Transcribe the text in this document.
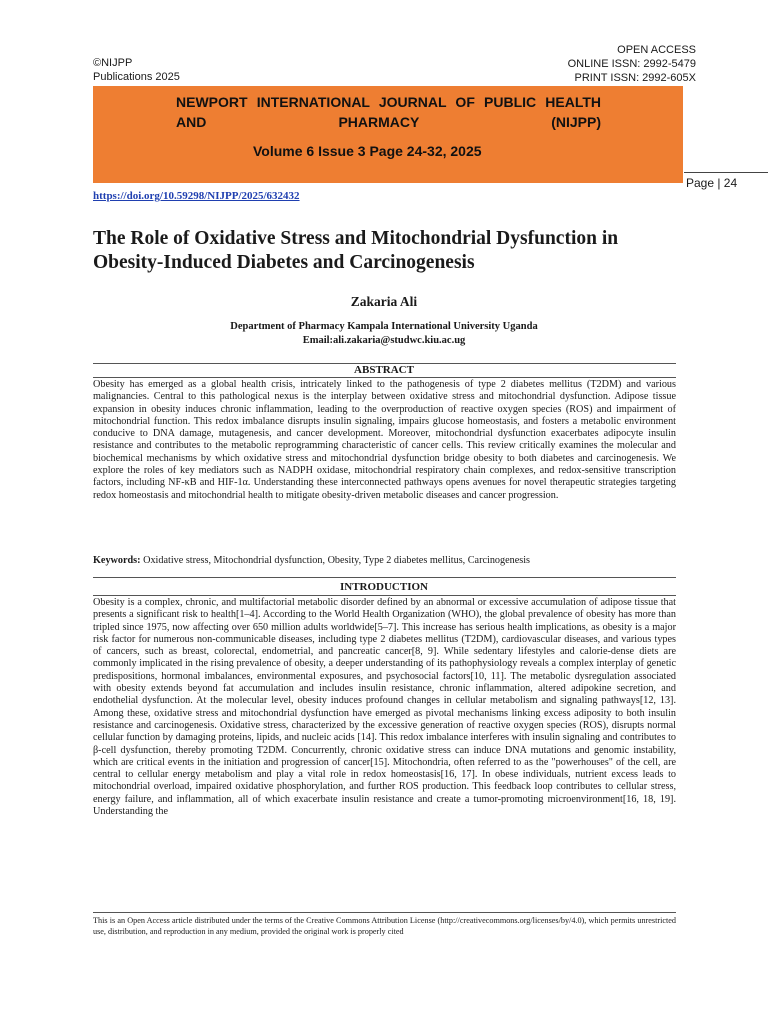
©NIJPP
Publications 2025
OPEN ACCESS
ONLINE ISSN: 2992-5479
PRINT ISSN: 2992-605X
NEWPORT INTERNATIONAL JOURNAL OF PUBLIC HEALTH AND PHARMACY (NIJPP)
Volume 6 Issue 3 Page 24-32, 2025
Page | 24
https://doi.org/10.59298/NIJPP/2025/632432
The Role of Oxidative Stress and Mitochondrial Dysfunction in Obesity-Induced Diabetes and Carcinogenesis
Zakaria Ali
Department of Pharmacy Kampala International University Uganda
Email:ali.zakaria@studwc.kiu.ac.ug
ABSTRACT
Obesity has emerged as a global health crisis, intricately linked to the pathogenesis of type 2 diabetes mellitus (T2DM) and various malignancies. Central to this pathological nexus is the interplay between oxidative stress and mitochondrial dysfunction. Adipose tissue expansion in obesity induces chronic inflammation, leading to the overproduction of reactive oxygen species (ROS) and impairment of mitochondrial function. This redox imbalance disrupts insulin signaling, impairs glucose homeostasis, and fosters a metabolic environment conducive to DNA damage, mutagenesis, and cancer development. Moreover, mitochondrial dysfunction exacerbates adipocyte insulin resistance and contributes to the metabolic reprogramming characteristic of cancer cells. This review critically examines the molecular and biochemical mechanisms by which oxidative stress and mitochondrial dysfunction bridge obesity to both diabetes and carcinogenesis. We explore the roles of key mediators such as NADPH oxidase, mitochondrial respiratory chain complexes, and redox-sensitive transcription factors, including NF-κB and HIF-1α. Understanding these interconnected pathways opens avenues for novel therapeutic strategies targeting redox homeostasis and mitochondrial health to mitigate obesity-driven metabolic diseases and cancer progression.
Keywords: Oxidative stress, Mitochondrial dysfunction, Obesity, Type 2 diabetes mellitus, Carcinogenesis
INTRODUCTION
Obesity is a complex, chronic, and multifactorial metabolic disorder defined by an abnormal or excessive accumulation of adipose tissue that presents a significant risk to health[1–4]. According to the World Health Organization (WHO), the global prevalence of obesity has more than tripled since 1975, now affecting over 650 million adults worldwide[5–7]. This increase has serious health implications, as obesity is a major risk factor for numerous non-communicable diseases, including type 2 diabetes mellitus (T2DM), cardiovascular diseases, and various types of cancers, such as breast, colorectal, endometrial, and pancreatic cancer[8, 9]. While sedentary lifestyles and calorie-dense diets are commonly implicated in the rising prevalence of obesity, a deeper understanding of its pathophysiology reveals a complex interplay of genetic predispositions, hormonal imbalances, environmental exposures, and psychosocial factors[10, 11]. The metabolic dysregulation associated with obesity extends beyond fat accumulation and includes insulin resistance, chronic inflammation, altered adipokine secretion, and endothelial dysfunction. At the molecular level, obesity induces profound changes in cellular metabolism and signaling pathways[12, 13]. Among these, oxidative stress and mitochondrial dysfunction have emerged as pivotal mechanisms linking excess adiposity to both insulin resistance and carcinogenesis. Oxidative stress, characterized by the excessive generation of reactive oxygen species (ROS), disrupts normal cellular function by damaging proteins, lipids, and nucleic acids [14]. This redox imbalance interferes with insulin signaling and contributes to β-cell dysfunction, thereby promoting T2DM. Concurrently, chronic oxidative stress can induce DNA mutations and genomic instability, which are critical events in the initiation and progression of cancer[15]. Mitochondria, often referred to as the "powerhouses" of the cell, are central to cellular energy metabolism and play a vital role in redox homeostasis[16, 17]. In obese individuals, nutrient excess leads to mitochondrial overload, impaired oxidative phosphorylation, and further ROS production. This feedback loop contributes to cellular stress, energy failure, and inflammation, all of which exacerbate insulin resistance and create a tumor-promoting microenvironment[16, 18, 19]. Understanding the
This is an Open Access article distributed under the terms of the Creative Commons Attribution License (http://creativecommons.org/licenses/by/4.0), which permits unrestricted use, distribution, and reproduction in any medium, provided the original work is properly cited
